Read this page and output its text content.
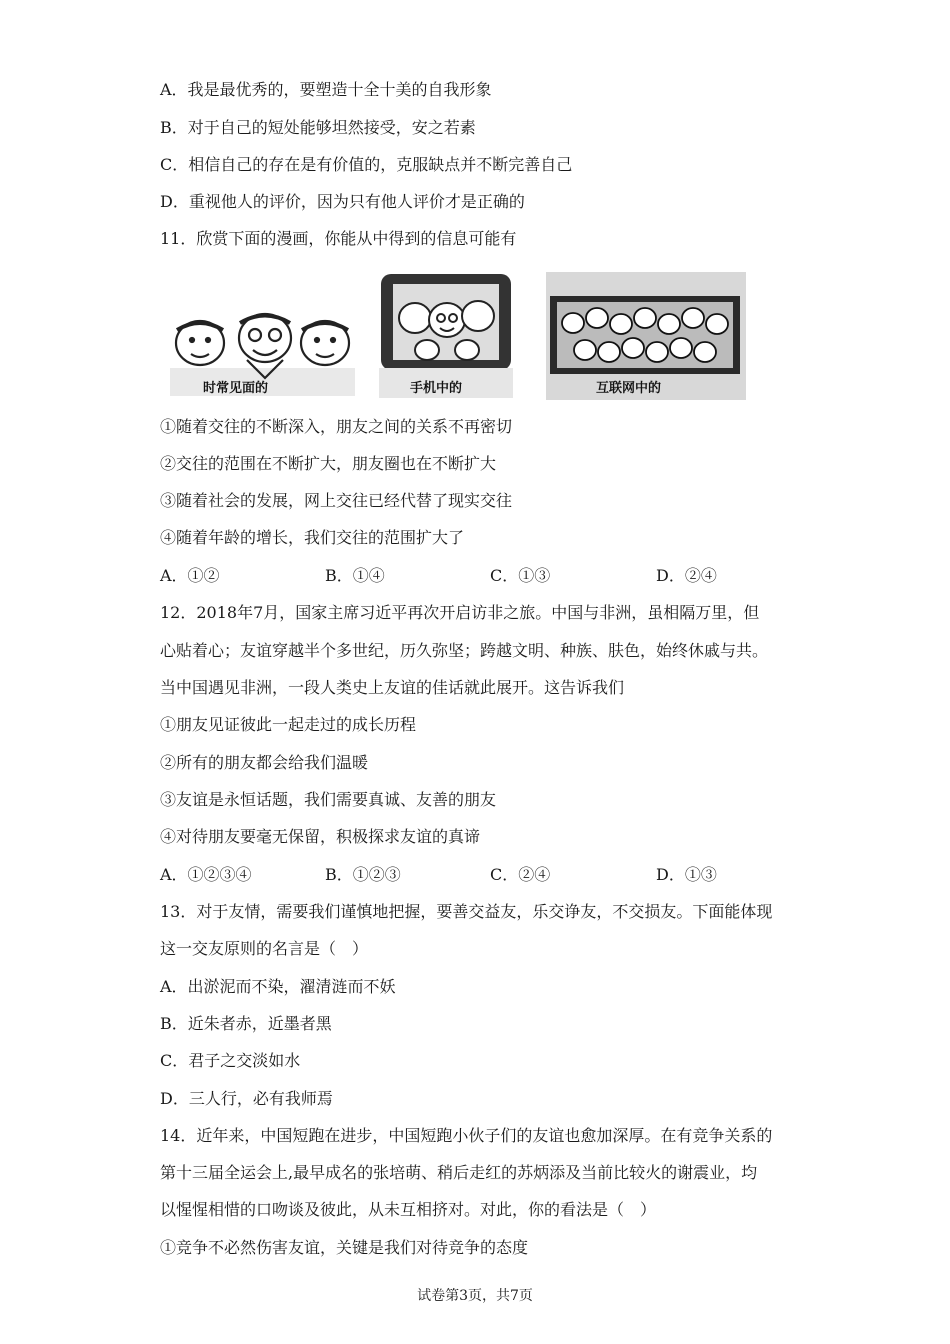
A．我是最优秀的，要塑造十全十美的自我形象
B．对于自己的短处能够坦然接受，安之若素
C．相信自己的存在是有价值的，克服缺点并不断完善自己
D．重视他人的评价，因为只有他人评价才是正确的
11．欣赏下面的漫画，你能从中得到的信息可能有
时常见面的	手机中的	互联网中的
①随着交往的不断深入，朋友之间的关系不再密切
②交往的范围在不断扩大，朋友圈也在不断扩大
③随着社会的发展，网上交往已经代替了现实交往
④随着年龄的增长，我们交往的范围扩大了
A．①②	B．①④	C．①③	D．②④
12．2018年7月，国家主席习近平再次开启访非之旅。中国与非洲，虽相隔万里，但
心贴着心；友谊穿越半个多世纪，历久弥坚；跨越文明、种族、肤色，始终休戚与共。
当中国遇见非洲，一段人类史上友谊的佳话就此展开。这告诉我们
①朋友见证彼此一起走过的成长历程
②所有的朋友都会给我们温暖
③友谊是永恒话题，我们需要真诚、友善的朋友
④对待朋友要毫无保留，积极探求友谊的真谛
A．①②③④	B．①②③	C．②④	D．①③
13．对于友情，需要我们谨慎地把握，要善交益友，乐交诤友，不交损友。下面能体现
这一交友原则的名言是（　）
A．出淤泥而不染，濯清涟而不妖
B．近朱者赤，近墨者黑
C．君子之交淡如水
D．三人行，必有我师焉
14．近年来，中国短跑在进步，中国短跑小伙子们的友谊也愈加深厚。在有竞争关系的
第十三届全运会上,最早成名的张培萌、稍后走红的苏炳添及当前比较火的谢震业，均
以惺惺相惜的口吻谈及彼此，从未互相挤对。对此，你的看法是（　）
①竞争不必然伤害友谊，关键是我们对待竞争的态度
试卷第3页，共7页
